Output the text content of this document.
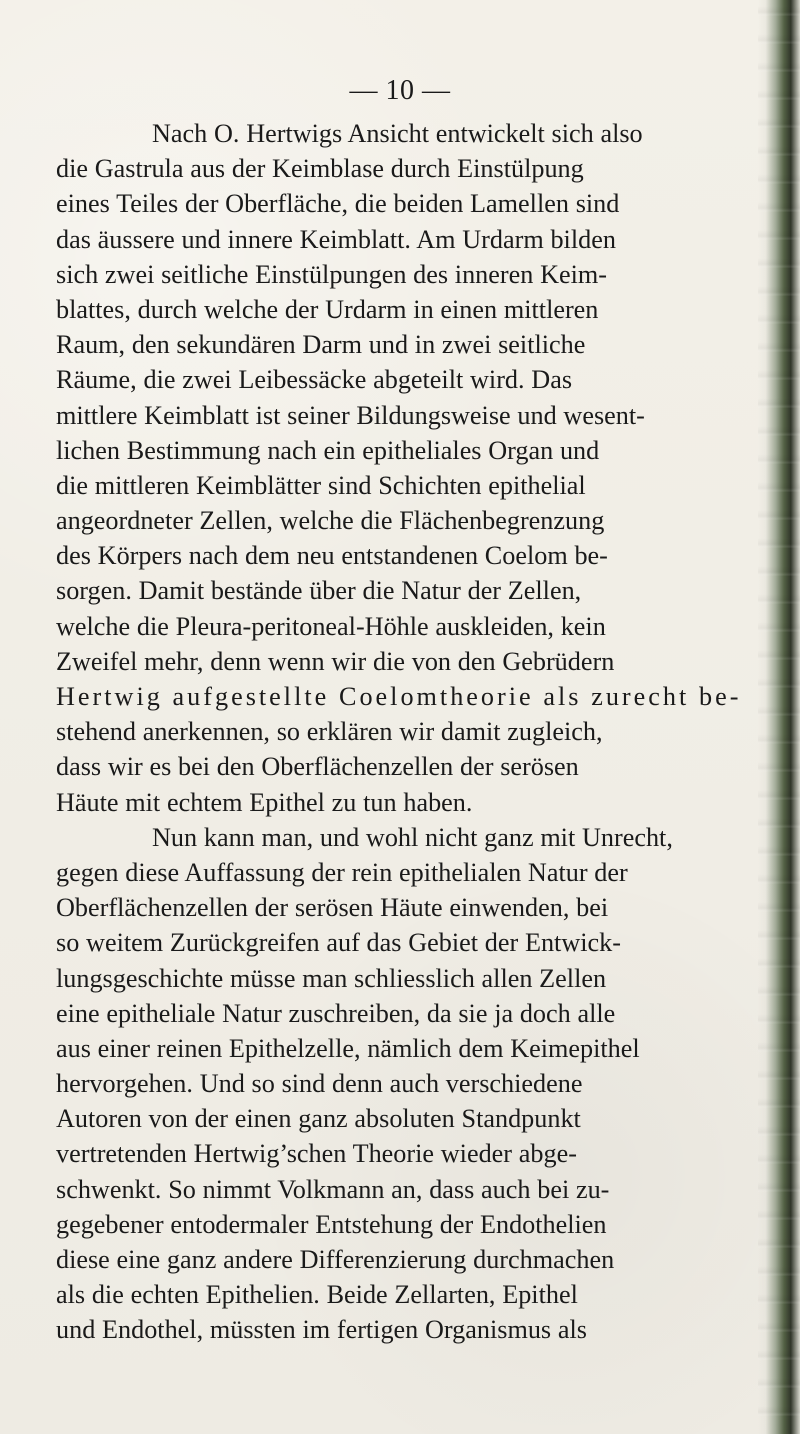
— 10 —
Nach O. Hertwigs Ansicht entwickelt sich also
die Gastrula aus der Keimblase durch Einstülpung
eines Teiles der Oberfläche, die beiden Lamellen sind
das äussere und innere Keimblatt. Am Urdarm bilden
sich zwei seitliche Einstülpungen des inneren Keim-
blattes, durch welche der Urdarm in einen mittleren
Raum, den sekundären Darm und in zwei seitliche
Räume, die zwei Leibessäcke abgeteilt wird. Das
mittlere Keimblatt ist seiner Bildungsweise und wesent-
lichen Bestimmung nach ein epitheliales Organ und
die mittleren Keimblätter sind Schichten epithelial
angeordneter Zellen, welche die Flächenbegrenzung
des Körpers nach dem neu entstandenen Coelom be-
sorgen. Damit bestände über die Natur der Zellen,
welche die Pleura-peritoneal-Höhle auskleiden, kein
Zweifel mehr, denn wenn wir die von den Gebrüdern
Hertwig aufgestellte Coelomtheorie als zurecht be-
stehend anerkennen, so erklären wir damit zugleich,
dass wir es bei den Oberflächenzellen der serösen
Häute mit echtem Epithel zu tun haben.
Nun kann man, und wohl nicht ganz mit Unrecht,
gegen diese Auffassung der rein epithelialen Natur der
Oberflächenzellen der serösen Häute einwenden, bei
so weitem Zurückgreifen auf das Gebiet der Entwick-
lungsgeschichte müsse man schliesslich allen Zellen
eine epitheliale Natur zuschreiben, da sie ja doch alle
aus einer reinen Epithelzelle, nämlich dem Keimepithel
hervorgehen. Und so sind denn auch verschiedene
Autoren von der einen ganz absoluten Standpunkt
vertretenden Hertwig’schen Theorie wieder abge-
schwenkt. So nimmt Volkmann an, dass auch bei zu-
gegebener entodermaler Entstehung der Endothelien
diese eine ganz andere Differenzierung durchmachen
als die echten Epithelien. Beide Zellarten, Epithel
und Endothel, müssten im fertigen Organismus als
